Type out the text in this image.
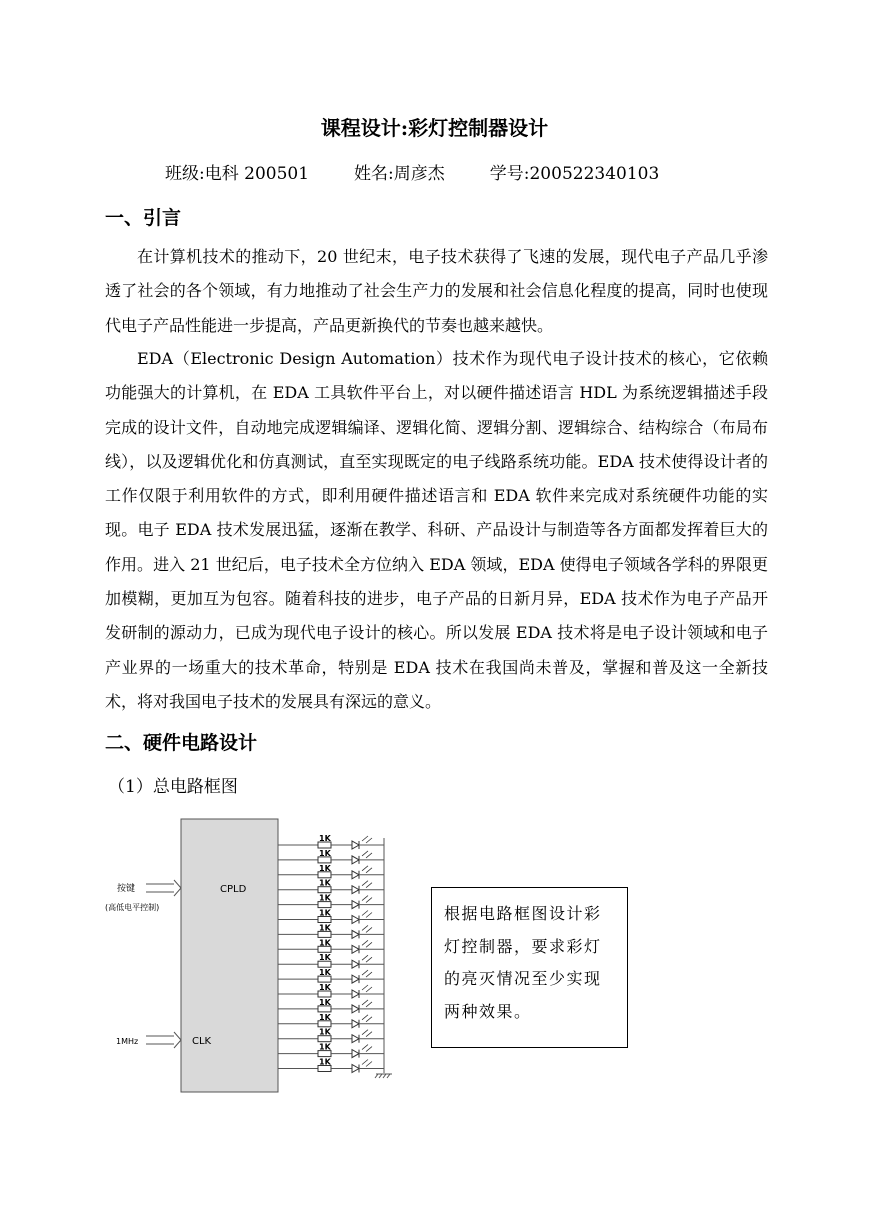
课程设计:彩灯控制器设计
班级:电科 200501	姓名:周彦杰	学号:200522340103
一、引言

在计算机技术的推动下，20 世纪末，电子技术获得了飞速的发展，现代电子产品几乎渗透了社会的各个领域，有力地推动了社会生产力的发展和社会信息化程度的提高，同时也使现代电子产品性能进一步提高，产品更新换代的节奏也越来越快。

EDA（Electronic Design Automation）技术作为现代电子设计技术的核心，它依赖功能强大的计算机，在 EDA 工具软件平台上，对以硬件描述语言 HDL 为系统逻辑描述手段完成的设计文件，自动地完成逻辑编译、逻辑化简、逻辑分割、逻辑综合、结构综合（布局布线），以及逻辑优化和仿真测试，直至实现既定的电子线路系统功能。EDA 技术使得设计者的工作仅限于利用软件的方式，即利用硬件描述语言和 EDA 软件来完成对系统硬件功能的实现。电子 EDA 技术发展迅猛，逐渐在教学、科研、产品设计与制造等各方面都发挥着巨大的作用。进入 21 世纪后，电子技术全方位纳入 EDA 领域，EDA 使得电子领域各学科的界限更加模糊，更加互为包容。随着科技的进步，电子产品的日新月异，EDA 技术作为电子产品开发研制的源动力，已成为现代电子设计的核心。所以发展 EDA 技术将是电子设计领域和电子产业界的一场重大的技术革命，特别是 EDA 技术在我国尚未普及，掌握和普及这一全新技术，将对我国电子技术的发展具有深远的意义。

二、硬件电路设计
（1）总电路框图
CPLD
CLK
按键
(高低电平控制)
1MHz
1K
1K
1K
1K
1K
1K
1K
1K
1K
1K
1K
1K
1K
1K
1K
1K
根据电路框图设计彩灯控制器，要求彩灯的亮灭情况至少实现两种效果。
